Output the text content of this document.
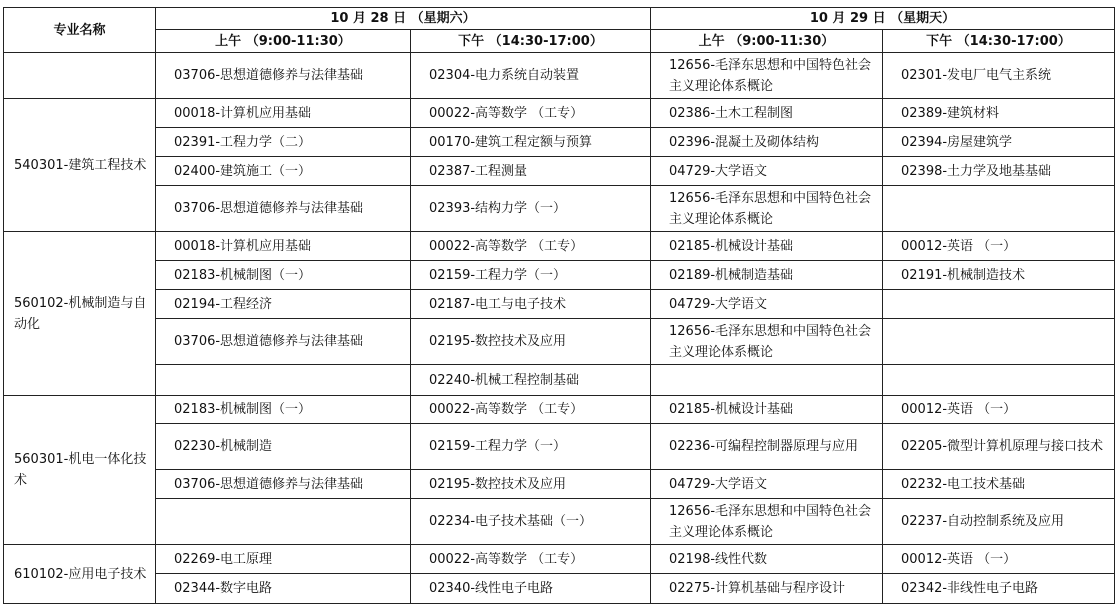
专业名称	10 月 28 日 （星期六）		10 月 29 日 （星期天）	
	上午 （9:00-11:30）	下午 （14:30-17:00）	上午 （9:00-11:30）	下午 （14:30-17:00）
	03706-思想道德修养与法律基础	02304-电力系统自动装置	12656-毛泽东思想和中国特色社会主义理论体系概论	02301-发电厂电气主系统
540301-建筑工程技术	00018-计算机应用基础	00022-高等数学 （工专）	02386-土木工程制图	02389-建筑材料
	02391-工程力学（二）	00170-建筑工程定额与预算	02396-混凝土及砌体结构	02394-房屋建筑学
	02400-建筑施工（一）	02387-工程测量	04729-大学语文	02398-土力学及地基基础
	03706-思想道德修养与法律基础	02393-结构力学（一）	12656-毛泽东思想和中国特色社会主义理论体系概论	
560102-机械制造与自动化	00018-计算机应用基础	00022-高等数学 （工专）	02185-机械设计基础	00012-英语 （一）
	02183-机械制图（一）	02159-工程力学（一）	02189-机械制造基础	02191-机械制造技术
	02194-工程经济	02187-电工与电子技术	04729-大学语文	
	03706-思想道德修养与法律基础	02195-数控技术及应用	12656-毛泽东思想和中国特色社会主义理论体系概论	
		02240-机械工程控制基础		
560301-机电一体化技术	02183-机械制图（一）	00022-高等数学 （工专）	02185-机械设计基础	00012-英语 （一）
	02230-机械制造	02159-工程力学（一）	02236-可编程控制器原理与应用	02205-微型计算机原理与接口技术
	03706-思想道德修养与法律基础	02195-数控技术及应用	04729-大学语文	02232-电工技术基础
		02234-电子技术基础（一）	12656-毛泽东思想和中国特色社会主义理论体系概论	02237-自动控制系统及应用
610102-应用电子技术	02269-电工原理	00022-高等数学 （工专）	02198-线性代数	00012-英语 （一）
	02344-数字电路	02340-线性电子电路	02275-计算机基础与程序设计	02342-非线性电子电路
